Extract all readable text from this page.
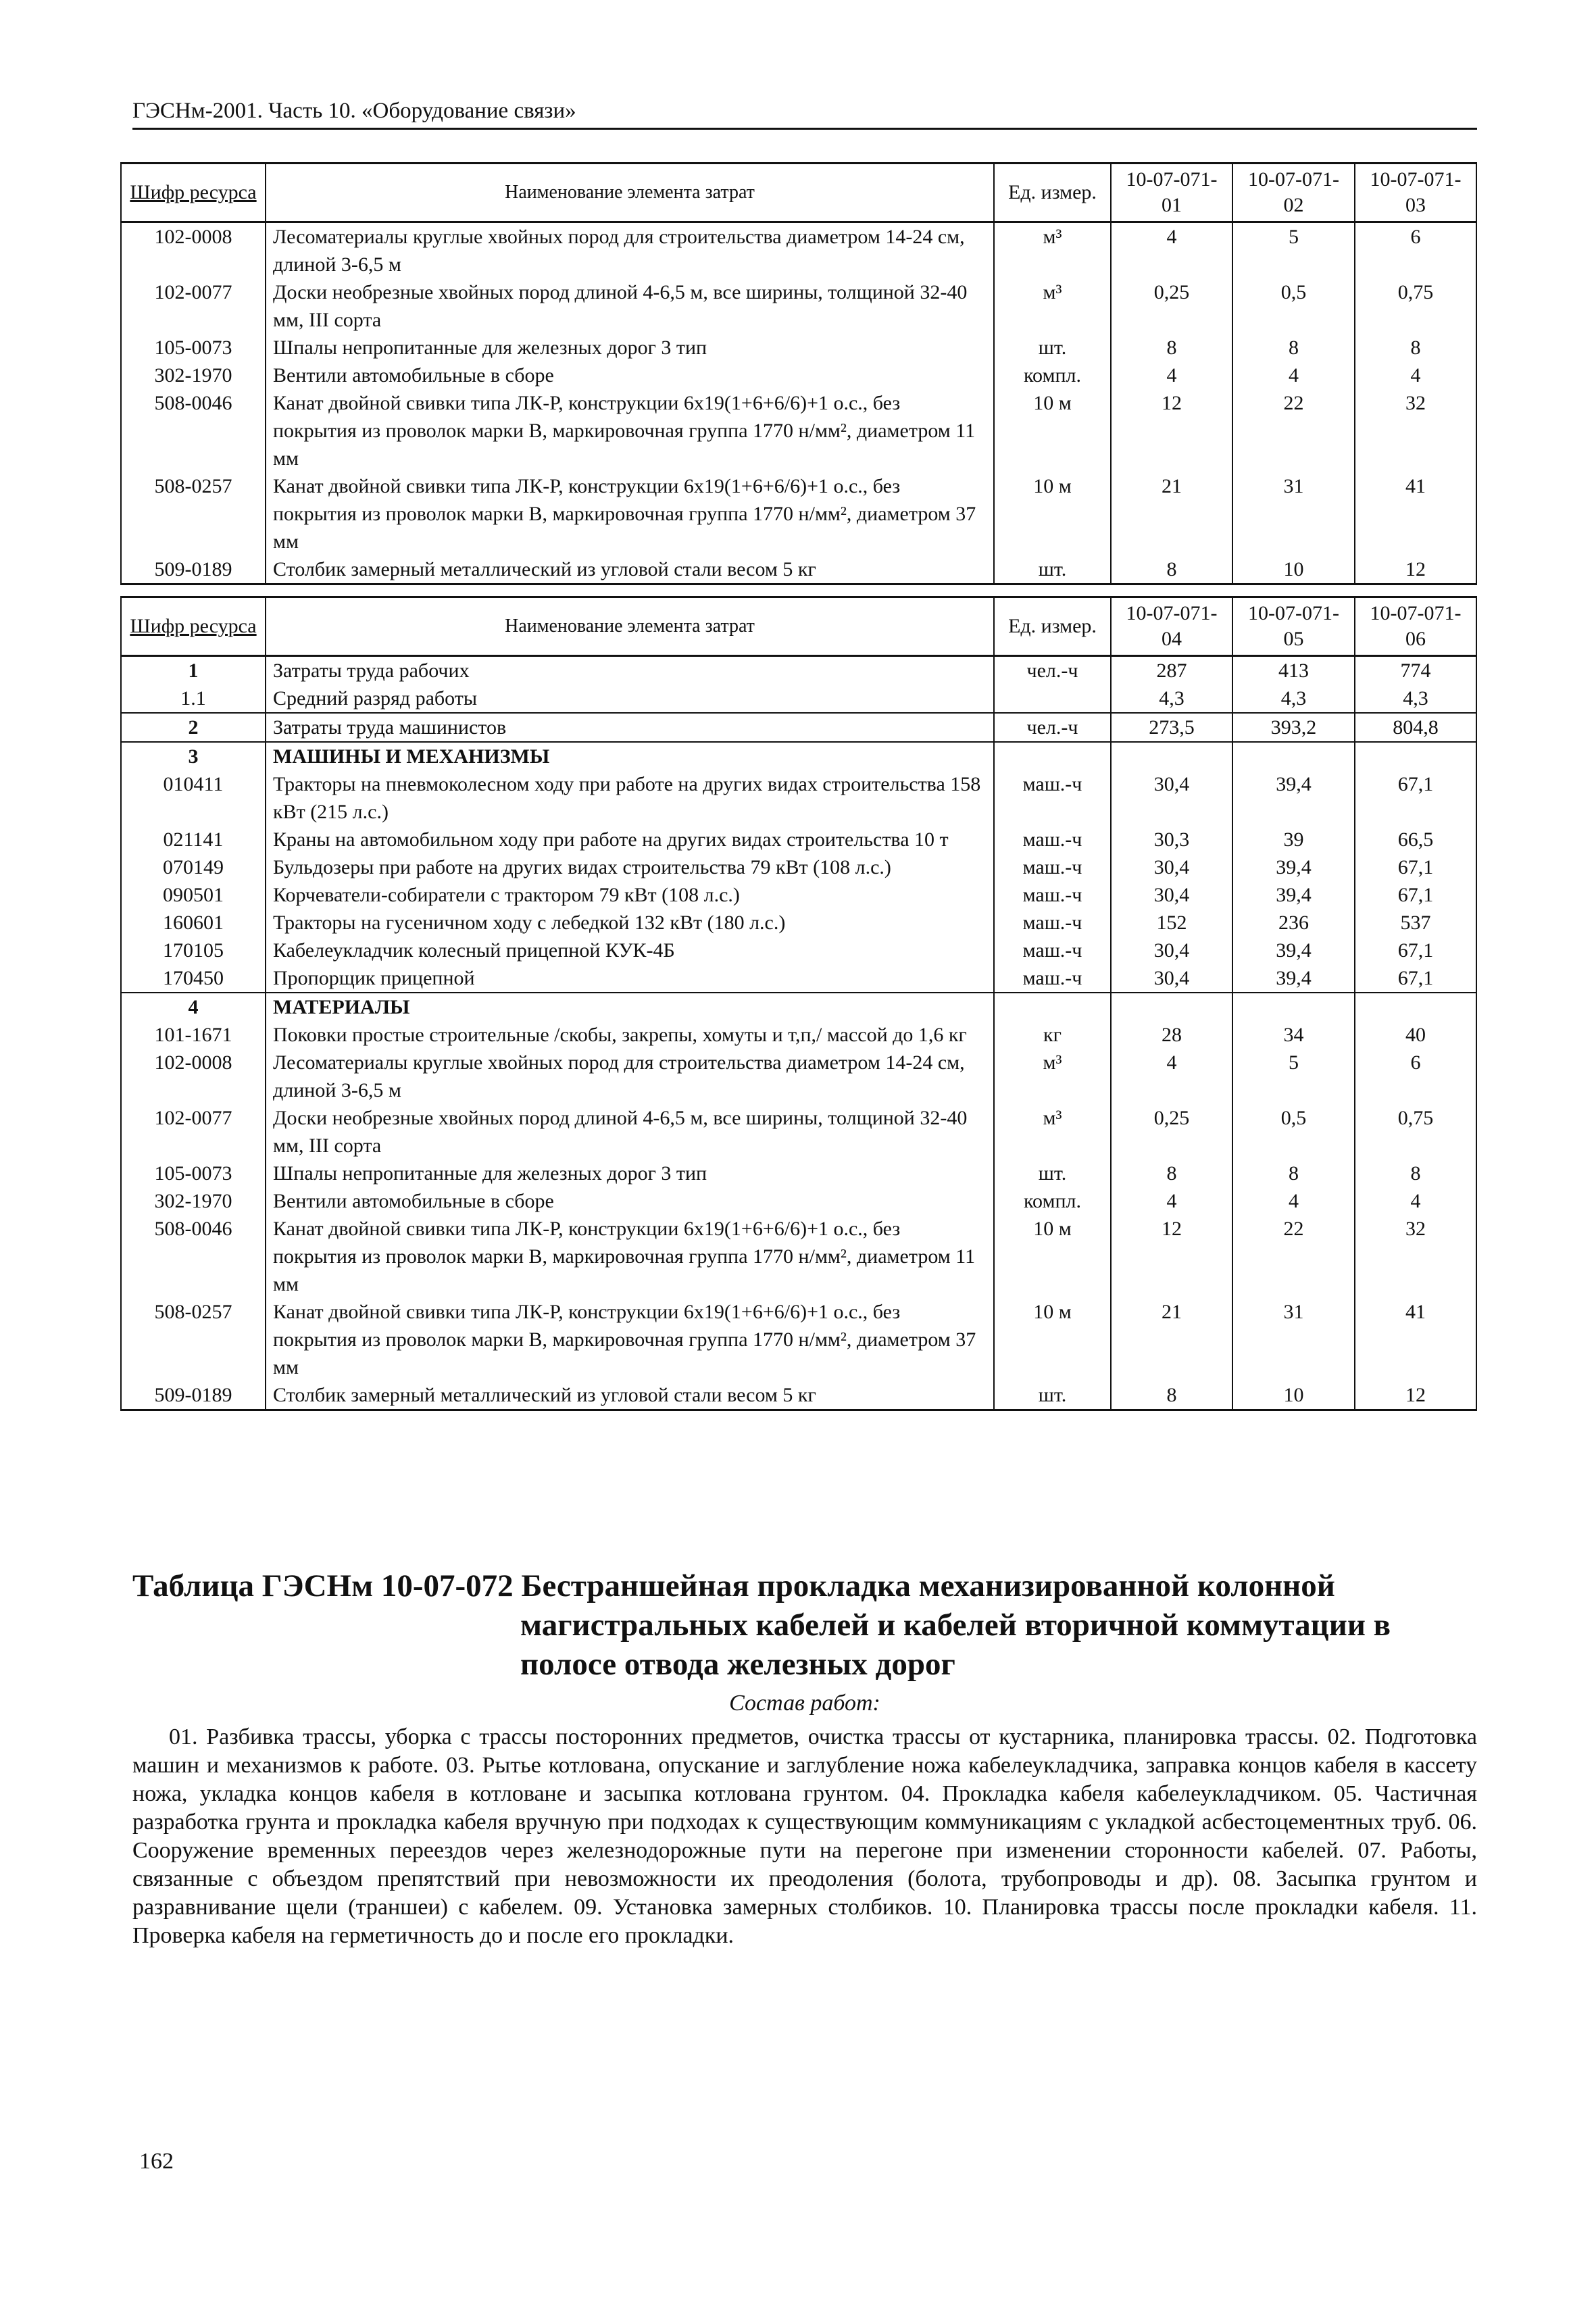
ГЭСНм-2001. Часть 10. «Оборудование связи»
Шифр ресурса	Наименование элемента затрат	Ед. измер.	10-07-071-01	10-07-071-02	10-07-071-03
102-0008	Лесоматериалы круглые хвойных пород для строительства диаметром 14-24 см, длиной 3-6,5 м	м³	4	5	6
102-0077	Доски необрезные хвойных пород длиной 4-6,5 м, все ширины, толщиной 32-40 мм, III сорта	м³	0,25	0,5	0,75
105-0073	Шпалы непропитанные для железных дорог 3 тип	шт.	8	8	8
302-1970	Вентили автомобильные в сборе	компл.	4	4	4
508-0046	Канат двойной свивки типа ЛК-Р, конструкции 6х19(1+6+6/6)+1 о.с., без покрытия из проволок марки В, маркировочная группа 1770 н/мм², диаметром 11 мм	10 м	12	22	32
508-0257	Канат двойной свивки типа ЛК-Р, конструкции 6х19(1+6+6/6)+1 о.с., без покрытия из проволок марки В, маркировочная группа 1770 н/мм², диаметром 37 мм	10 м	21	31	41
509-0189	Столбик замерный металлический из угловой стали весом 5 кг	шт.	8	10	12
Шифр ресурса	Наименование элемента затрат	Ед. измер.	10-07-071-04	10-07-071-05	10-07-071-06
1	Затраты труда рабочих	чел.-ч	287	413	774
1.1	Средний разряд работы		4,3	4,3	4,3
2	Затраты труда машинистов	чел.-ч	273,5	393,2	804,8
3	МАШИНЫ И МЕХАНИЗМЫ				
010411	Тракторы на пневмоколесном ходу при работе на других видах строительства 158 кВт (215 л.с.)	маш.-ч	30,4	39,4	67,1
021141	Краны на автомобильном ходу при работе на других видах строительства 10 т	маш.-ч	30,3	39	66,5
070149	Бульдозеры при работе на других видах строительства 79 кВт (108 л.с.)	маш.-ч	30,4	39,4	67,1
090501	Корчеватели-собиратели с трактором 79 кВт (108 л.с.)	маш.-ч	30,4	39,4	67,1
160601	Тракторы на гусеничном ходу с лебедкой 132 кВт (180 л.с.)	маш.-ч	152	236	537
170105	Кабелеукладчик колесный прицепной КУК-4Б	маш.-ч	30,4	39,4	67,1
170450	Пропорщик прицепной	маш.-ч	30,4	39,4	67,1
4	МАТЕРИАЛЫ				
101-1671	Поковки простые строительные /скобы, закрепы, хомуты и т,п,/ массой до 1,6 кг	кг	28	34	40
102-0008	Лесоматериалы круглые хвойных пород для строительства диаметром 14-24 см, длиной 3-6,5 м	м³	4	5	6
102-0077	Доски необрезные хвойных пород длиной 4-6,5 м, все ширины, толщиной 32-40 мм, III сорта	м³	0,25	0,5	0,75
105-0073	Шпалы непропитанные для железных дорог 3 тип	шт.	8	8	8
302-1970	Вентили автомобильные в сборе	компл.	4	4	4
508-0046	Канат двойной свивки типа ЛК-Р, конструкции 6х19(1+6+6/6)+1 о.с., без покрытия из проволок марки В, маркировочная группа 1770 н/мм², диаметром 11 мм	10 м	12	22	32
508-0257	Канат двойной свивки типа ЛК-Р, конструкции 6х19(1+6+6/6)+1 о.с., без покрытия из проволок марки В, маркировочная группа 1770 н/мм², диаметром 37 мм	10 м	21	31	41
509-0189	Столбик замерный металлический из угловой стали весом 5 кг	шт.	8	10	12
Таблица ГЭСНм 10-07-072 Бестраншейная прокладка механизированной колонной
магистральных кабелей и кабелей вторичной коммутации в полосе отвода железных дорог
Состав работ:

01. Разбивка трассы, уборка с трассы посторонних предметов, очистка трассы от кустарника, планировка трассы. 02. Подготовка машин и механизмов к работе. 03. Рытье котлована, опускание и заглубление ножа кабелеукладчика, заправка концов кабеля в кассету ножа, укладка концов кабеля в котловане и засыпка котлована грунтом. 04. Прокладка кабеля кабелеукладчиком. 05. Частичная разработка грунта и прокладка кабеля вручную при подходах к существующим коммуникациям с укладкой асбестоцементных труб. 06. Сооружение временных переездов через железнодорожные пути на перегоне при изменении сторонности кабелей. 07. Работы, связанные с объездом препятствий при невозможности их преодоления (болота, трубопроводы и др). 08. Засыпка грунтом и разравнивание щели (траншеи) с кабелем. 09. Установка замерных столбиков. 10. Планировка трассы после прокладки кабеля. 11. Проверка кабеля на герметичность до и после его прокладки.

162
